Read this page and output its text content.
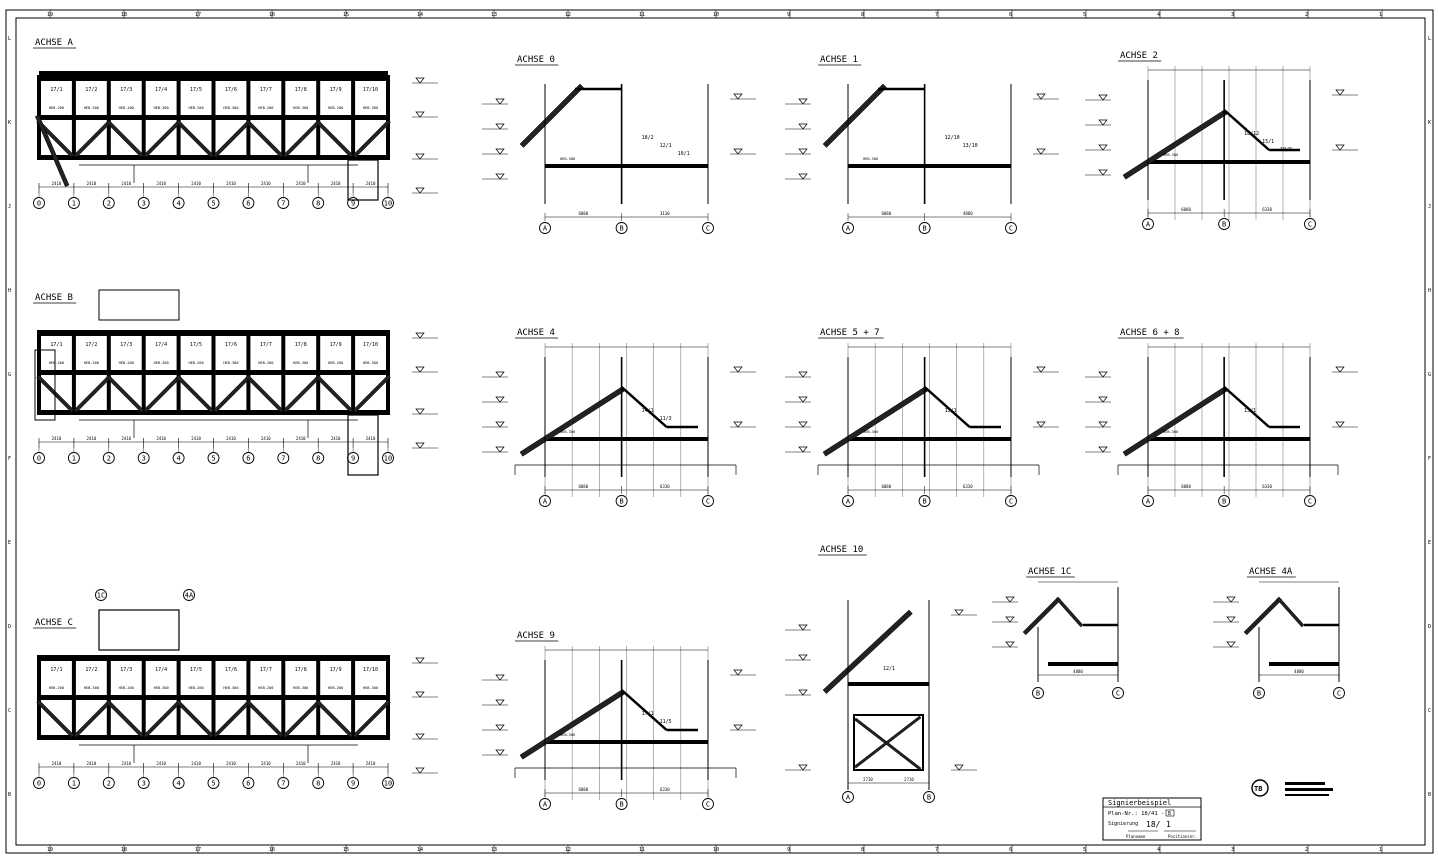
19
19
18
18
17
17
16
16
15
15
14
14
13
13
12
12
11
11
10
10
9
9
8
8
7
7
6
6
5
5
4
4
3
3
2
2
1
1
L	L
K	K
J	J
H	H
G	G
F	F
E	E
D	D
C	C
B	B
ACHSE A
17/1
HEB-200
17/2
HEB-300
17/3
HEB-200
17/4
HEB-300
17/5
HEB-200
17/6
HEB-300
17/7
HEB-200
17/8
HEB-300
17/9
HEB-200
17/10
HEB-300
0
2410
1
2410
2
2410
3
2410
4
2410
5
2410
6
2410
7
2410
8
2410
9
2410
10
ACHSE B
17/1
HEB-200
17/2
HEB-300
17/3
HEB-200
17/4
HEB-300
17/5
HEB-200
17/6
HEB-300
17/7
HEB-200
17/8
HEB-300
17/9
HEB-200
17/10
HEB-300
0
2410
1
2410
2
2410
3
2410
4
2410
5
2410
6
2410
7
2410
8
2410
9
2410
10
ACHSE C
17/1
HEB-200
17/2
HEB-300
17/3
HEB-200
17/4
HEB-300
17/5
HEB-200
17/6
HEB-300
17/7
HEB-200
17/8
HEB-300
17/9
HEB-200
17/10
HEB-300
0
2410
1
2410
2
2410
3
2410
4
2410
5
2410
6
2410
7
2410
8
2410
9
2410
10
1C	4A
ACHSE 0
18/2
12/1
10/1
HEB-300
A	B	C
6080	3130
ACHSE 1
12/10
13/10
HEB-300
A	B	C
6080	4880
ACHSE 2
18/12
15/1
10/6
HEB-300
A	B	C
6080	6330
ACHSE 4
14/1
11/3
HEB-300
A	B	C
6080	6330
ACHSE 5 + 7
15/1
HEB-300
A	B	C
6080	6330
ACHSE 6 + 8
13/1
HEB-300
A	B	C
6080	6330
ACHSE 9
17/1
11/5
HEB-300
A	B	C
6080	6330
ACHSE 10
2710	2710
A	B
12/1
ACHSE 1C
4880
B	C
ACHSE 4A
4880
B	C
Signierbeispiel
Plan-Nr.: 18/41 - B
Signierung 18/ 1
Planname	Positionsnr.
TB
